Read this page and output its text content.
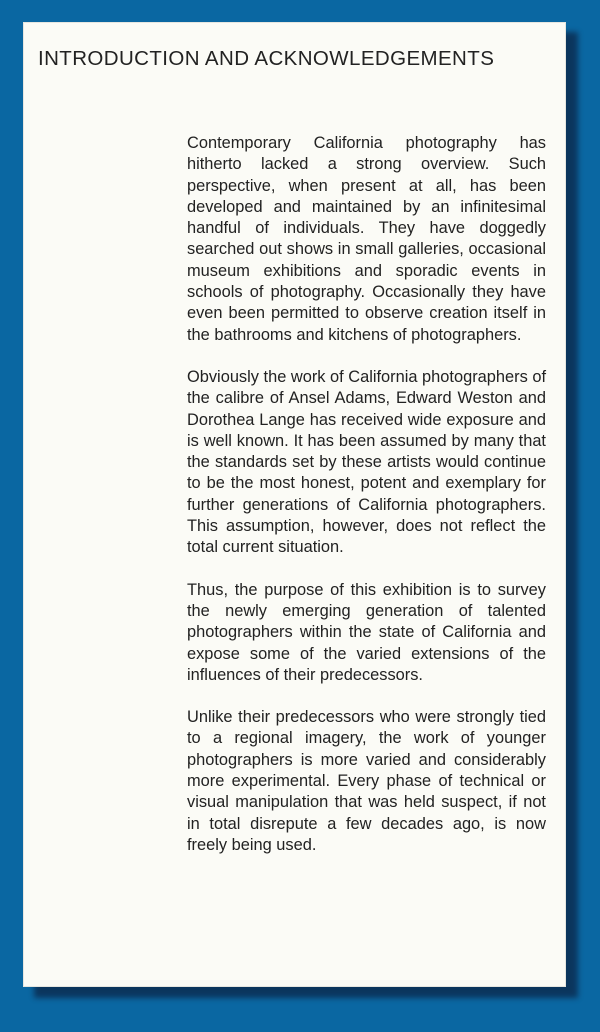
INTRODUCTION AND ACKNOWLEDGEMENTS

Contemporary California photography has hitherto lacked a strong overview. Such perspective, when present at all, has been developed and maintained by an infinitesimal handful of individuals. They have doggedly searched out shows in small galleries, occasional museum exhibitions and sporadic events in schools of photography. Occasionally they have even been permitted to observe creation itself in the bathrooms and kitchens of photographers.

Obviously the work of California photographers of the calibre of Ansel Adams, Edward Weston and Dorothea Lange has received wide exposure and is well known. It has been assumed by many that the standards set by these artists would continue to be the most honest, potent and exemplary for further generations of California photographers. This assumption, however, does not reflect the total current situation.

Thus, the purpose of this exhibition is to survey the newly emerging generation of talented photographers within the state of California and expose some of the varied extensions of the influences of their predecessors.

Unlike their predecessors who were strongly tied to a regional imagery, the work of younger photographers is more varied and considerably more experimental. Every phase of technical or visual manipulation that was held suspect, if not in total disrepute a few decades ago, is now freely being used.
